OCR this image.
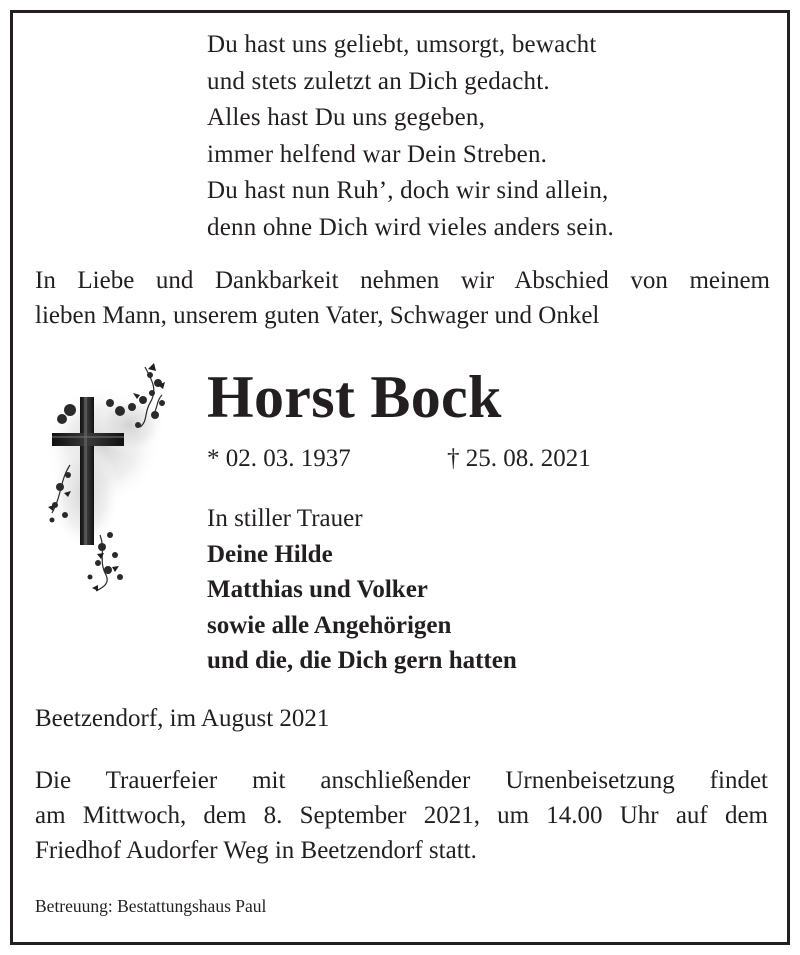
Du hast uns geliebt, umsorgt, bewacht
und stets zuletzt an Dich gedacht.
Alles hast Du uns gegeben,
immer helfend war Dein Streben.
Du hast nun Ruh’, doch wir sind allein,
denn ohne Dich wird vieles anders sein.
In Liebe und Dankbarkeit nehmen wir Abschied von meinem
lieben Mann, unserem guten Vater, Schwager und Onkel
Horst Bock
* 02. 03. 1937	† 25. 08. 2021
In stiller Trauer
Deine Hilde
Matthias und Volker
sowie alle Angehörigen
und die, die Dich gern hatten
Beetzendorf, im August 2021
Die Trauerfeier mit anschließender Urnenbeisetzung findet
am Mittwoch, dem 8. September 2021, um 14.00 Uhr auf dem
Friedhof Audorfer Weg in Beetzendorf statt.
Betreuung: Bestattungshaus Paul
